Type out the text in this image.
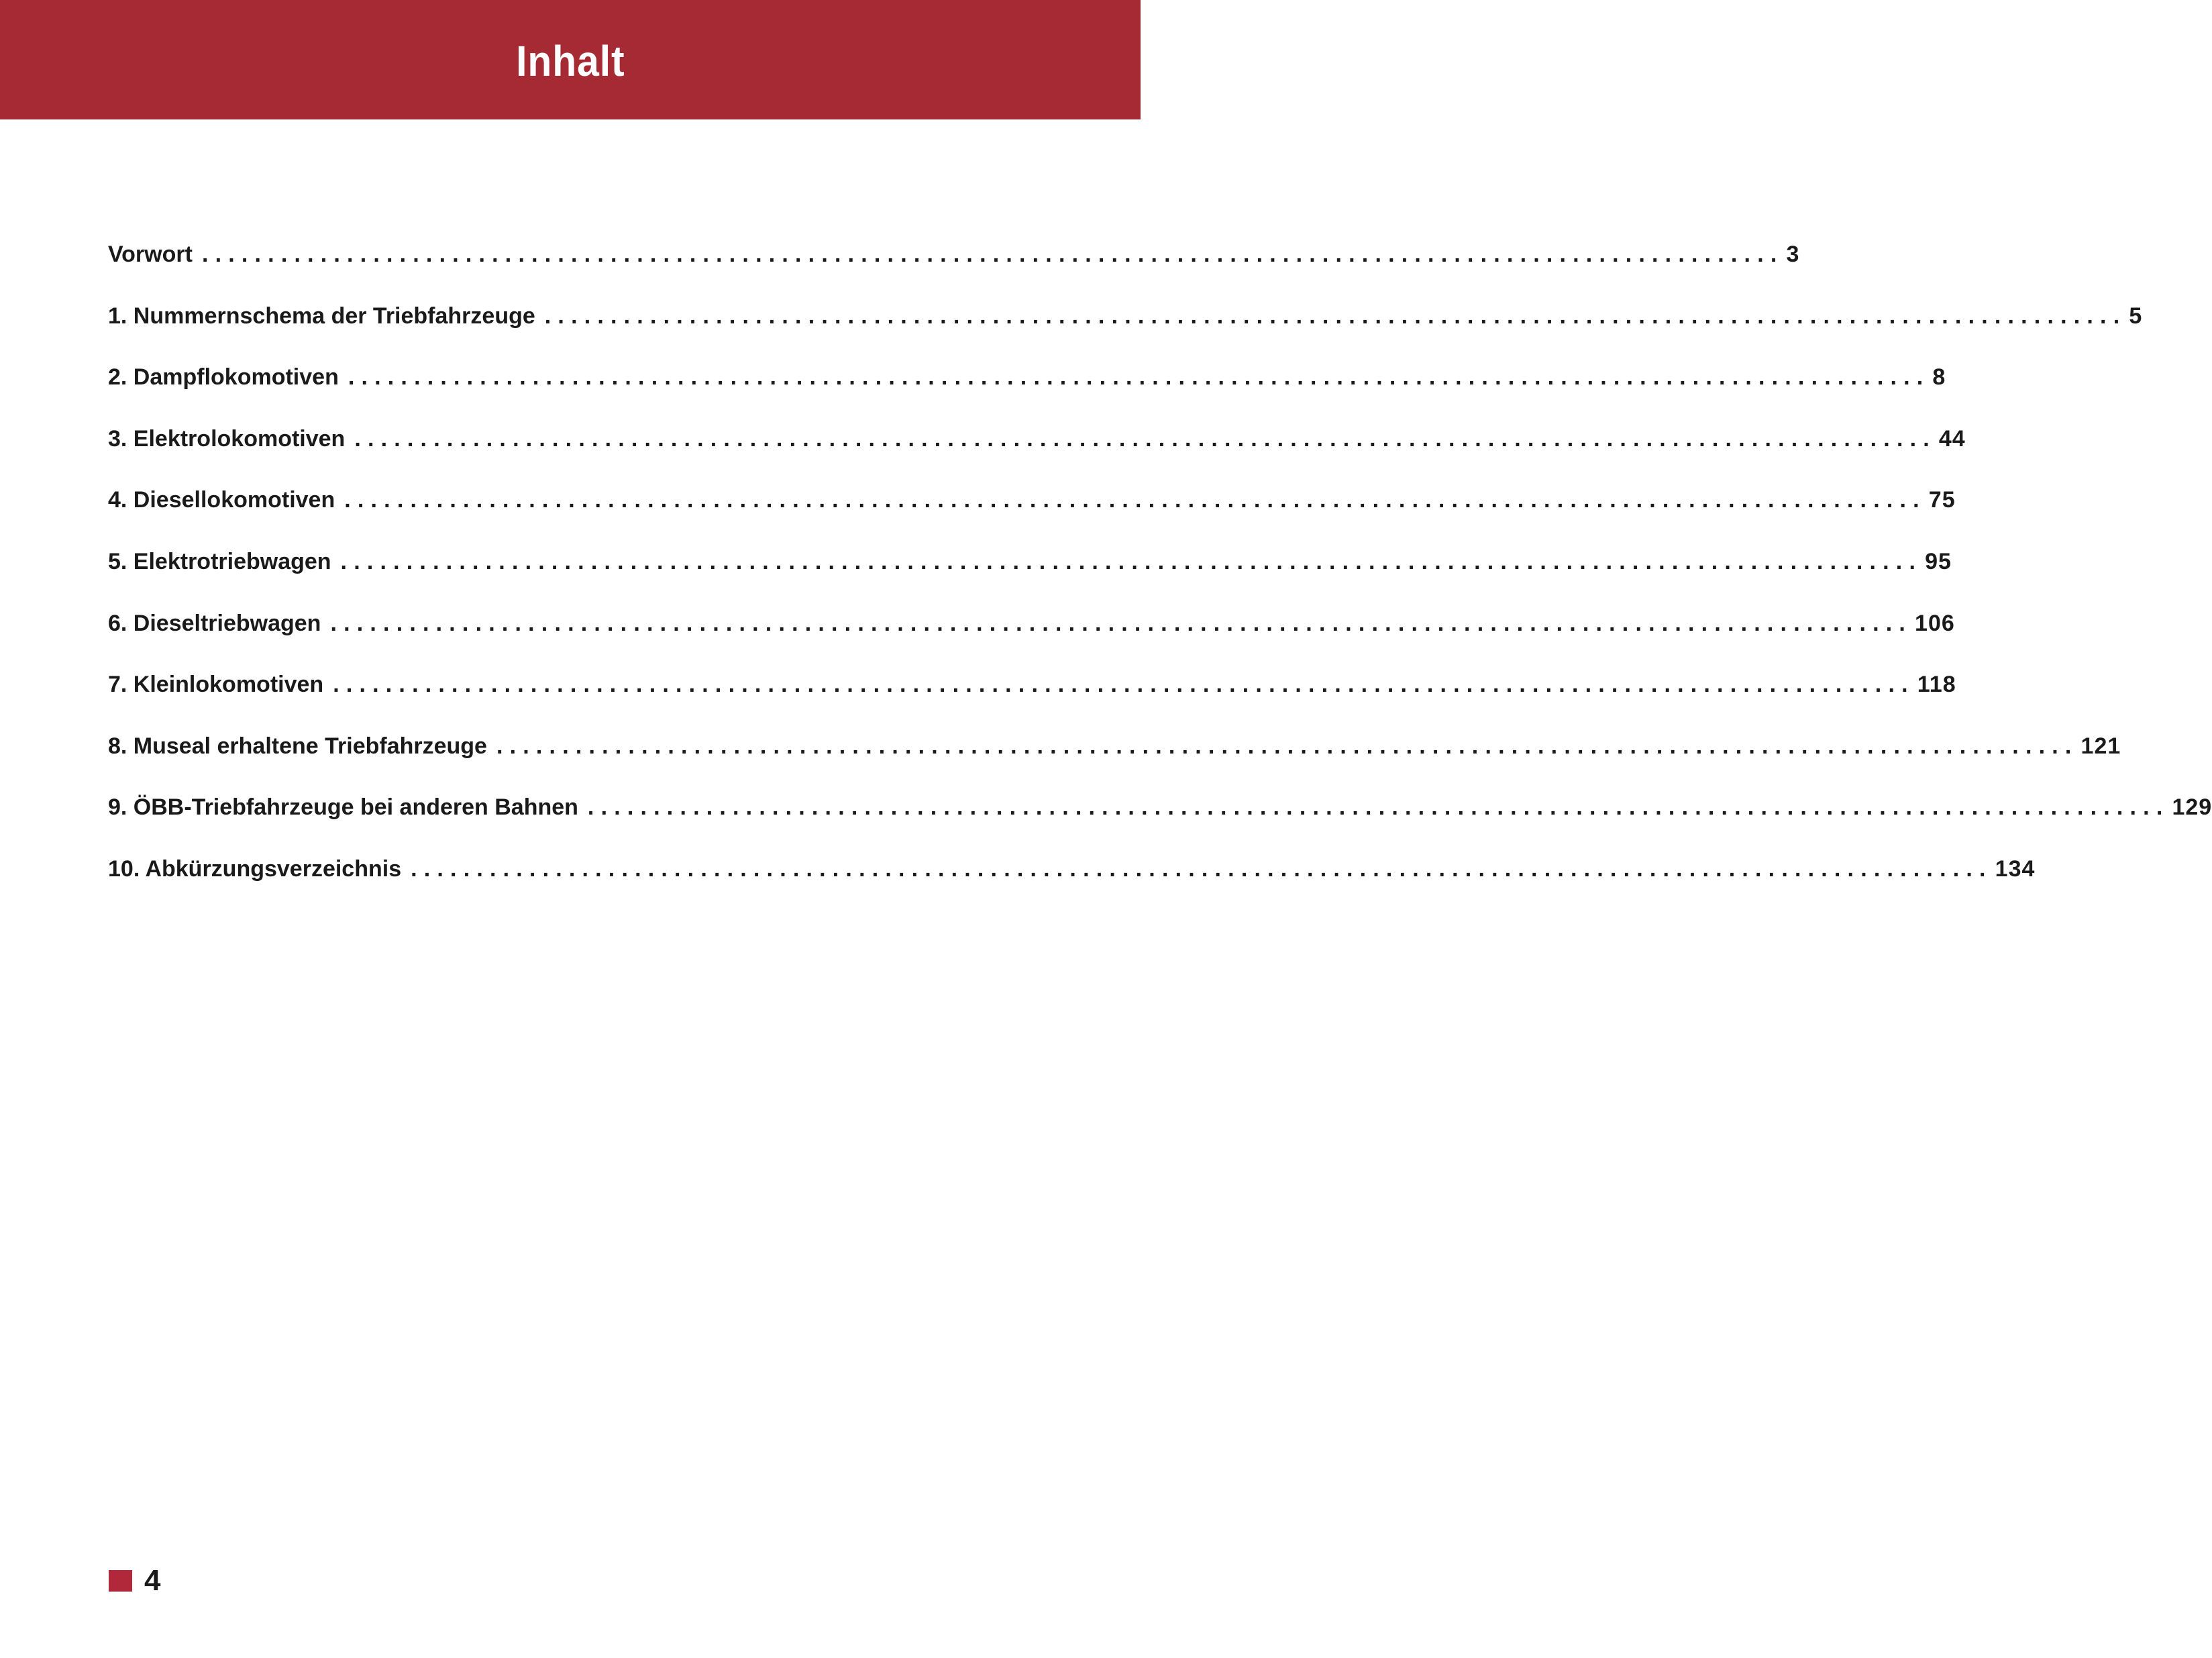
Inhalt
Vorwort ........................................................................................................................ 3
1. Nummernschema der Triebfahrzeuge ........................................................................................................................ 5
2. Dampflokomotiven ........................................................................................................................ 8
3. Elektrolokomotiven ........................................................................................................................ 44
4. Diesellokomotiven ........................................................................................................................ 75
5. Elektrotriebwagen ........................................................................................................................ 95
6. Dieseltriebwagen ........................................................................................................................ 106
7. Kleinlokomotiven ........................................................................................................................ 118
8. Museal erhaltene Triebfahrzeuge ........................................................................................................................ 121
9. ÖBB-Triebfahrzeuge bei anderen Bahnen ........................................................................................................................ 129
10. Abkürzungsverzeichnis ........................................................................................................................ 134
4
